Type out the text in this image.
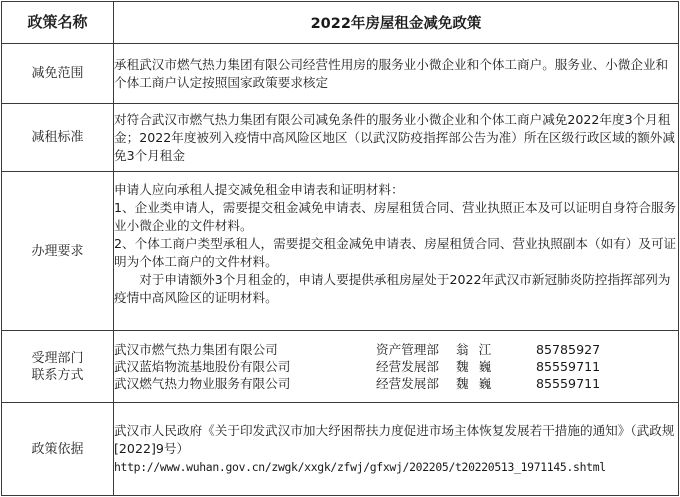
政策名称	2022年房屋租金减免政策
减免范围	承租武汉市燃气热力集团有限公司经营性用房的服务业小微企业和个体工商户。服务业、小微企业和个体工商户认定按照国家政策要求核定
减租标准	对符合武汉市燃气热力集团有限公司减免条件的服务业小微企业和个体工商户减免2022年度3个月租金；2022年度被列入疫情中高风险区地区（以武汉防疫指挥部公告为准）所在区级行政区域的额外减免3个月租金
办理要求	申请人应向承租人提交减免租金申请表和证明材料：

1、企业类申请人，需要提交租金减免申请表、房屋租赁合同、营业执照正本及可以证明自身符合服务业小微企业的文件材料。

2、个体工商户类型承租人，需要提交租金减免申请表、房屋租赁合同、营业执照副本（如有）及可证明为个体工商户的文件材料。

对于申请额外3个月租金的，申请人要提供承租房屋处于2022年武汉市新冠肺炎防控指挥部列为疫情中高风险区的证明材料。

受理部门
联系方式

武汉市燃气热力集团有限公司	资产管理部	翁江	85785927
武汉蓝焰物流基地股份有限公司	经营发展部	魏巍	85559711
武汉燃气热力物业服务有限公司	经营发展部	魏巍	85559711

政策依据	武汉市人民政府《关于印发武汉市加大纾困帮扶力度促进市场主体恢复发展若干措施的通知》（武政规[2022]9号）

http://www.wuhan.gov.cn/zwgk/xxgk/zfwj/gfxwj/202205/t20220513_1971145.shtml
